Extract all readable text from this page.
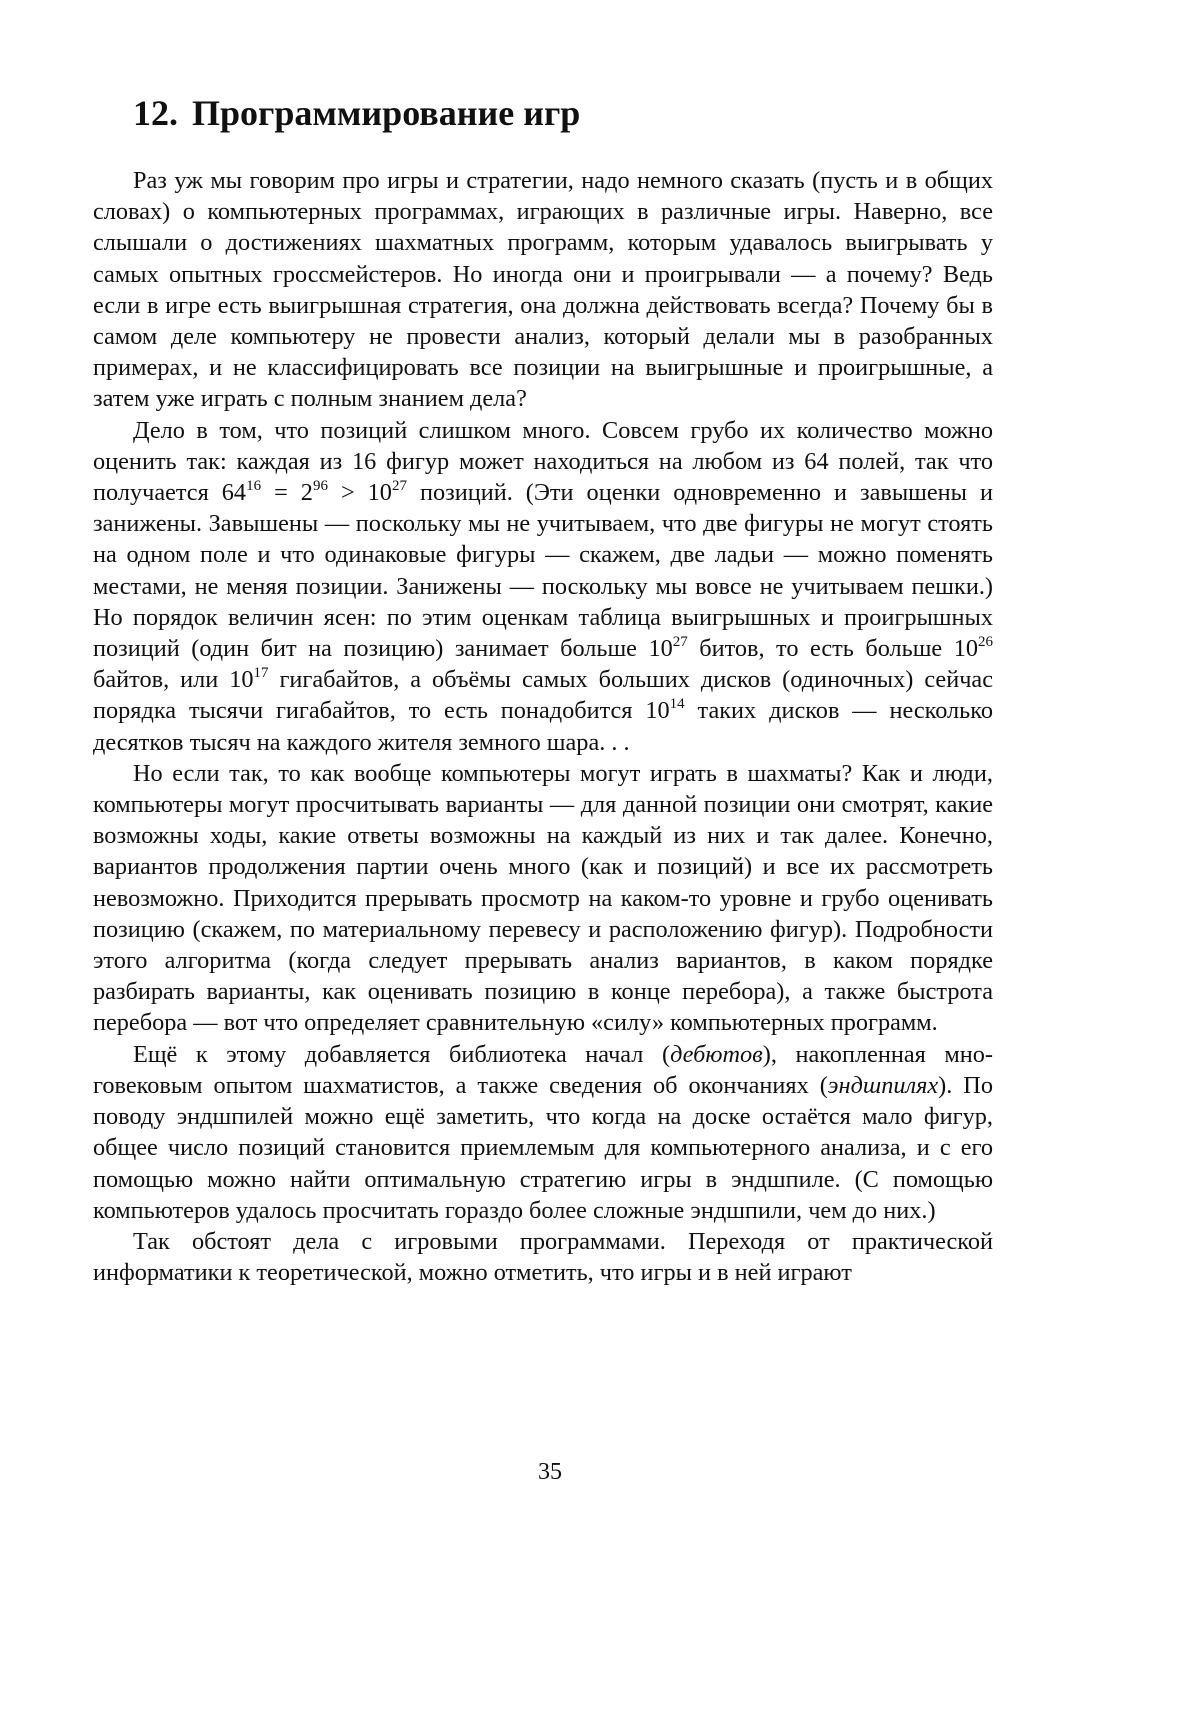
12. Программирование игр

Раз уж мы говорим про игры и стратегии, надо немного сказать (пусть и в общих словах) о компьютерных программах, играющих в различные игры. Наверно, все слышали о достижениях шахматных программ, которым удавалось выигрывать у самых опытных гроссмейстеров. Но иногда они и проигрывали — а почему? Ведь если в игре есть выигрышная стратегия, она должна действовать всегда? Почему бы в самом деле компьютеру не провести анализ, который делали мы в разобранных примерах, и не классифицировать все позиции на выигрышные и проигрышные, а затем уже играть с полным знанием дела?

Дело в том, что позиций слишком много. Совсем грубо их количество можно оценить так: каждая из 16 фигур может находиться на любом из 64 полей, так что получается $64^{16} = 2^{96} > 10^{27}$ позиций. (Эти оценки одновременно и завышены и занижены. Завышены — поскольку мы не учитываем, что две фигуры не могут стоять на одном поле и что одинаковые фигуры — скажем, две ладьи — можно поменять местами, не меняя позиции. Занижены — поскольку мы вовсе не учитываем пешки.) Но порядок величин ясен: по этим оценкам таблица выигрышных и проигрышных позиций (один бит на позицию) занимает больше $10^{27}$ битов, то есть больше $10^{26}$ байтов, или $10^{17}$ гигабайтов, а объёмы самых больших дисков (одиночных) сейчас порядка тысячи гигабайтов, то есть понадобится $10^{14}$ таких дисков — несколько десятков тысяч на каждого жителя земного шара. . .

Но если так, то как вообще компьютеры могут играть в шахматы? Как и люди, компьютеры могут просчитывать варианты — для данной позиции они смотрят, какие возможны ходы, какие ответы возможны на каждый из них и так далее. Конечно, вариантов продолжения партии очень много (как и позиций) и все их рассмотреть невозможно. Приходится прерывать просмотр на каком-то уровне и грубо оценивать позицию (скажем, по материальному перевесу и расположению фигур). Подробности этого алгоритма (когда следует прерывать анализ вариантов, в каком порядке разбирать варианты, как оценивать позицию в конце перебора), а также быстрота перебора — вот что определяет сравнительную «силу» компьютерных программ.

Ещё к этому добавляется библиотека начал (дебютов), накопленная многовековым опытом шахматистов, а также сведения об окончаниях (эндшпилях). По поводу эндшпилей можно ещё заметить, что когда на доске остаётся мало фигур, общее число позиций становится приемлемым для компьютерного анализа, и с его помощью можно найти оптимальную стратегию игры в эндшпиле. (С помощью компьютеров удалось просчитать гораздо более сложные эндшпили, чем до них.)

Так обстоят дела с игровыми программами. Переходя от практической информатики к теоретической, можно отметить, что игры и в ней играют

35
